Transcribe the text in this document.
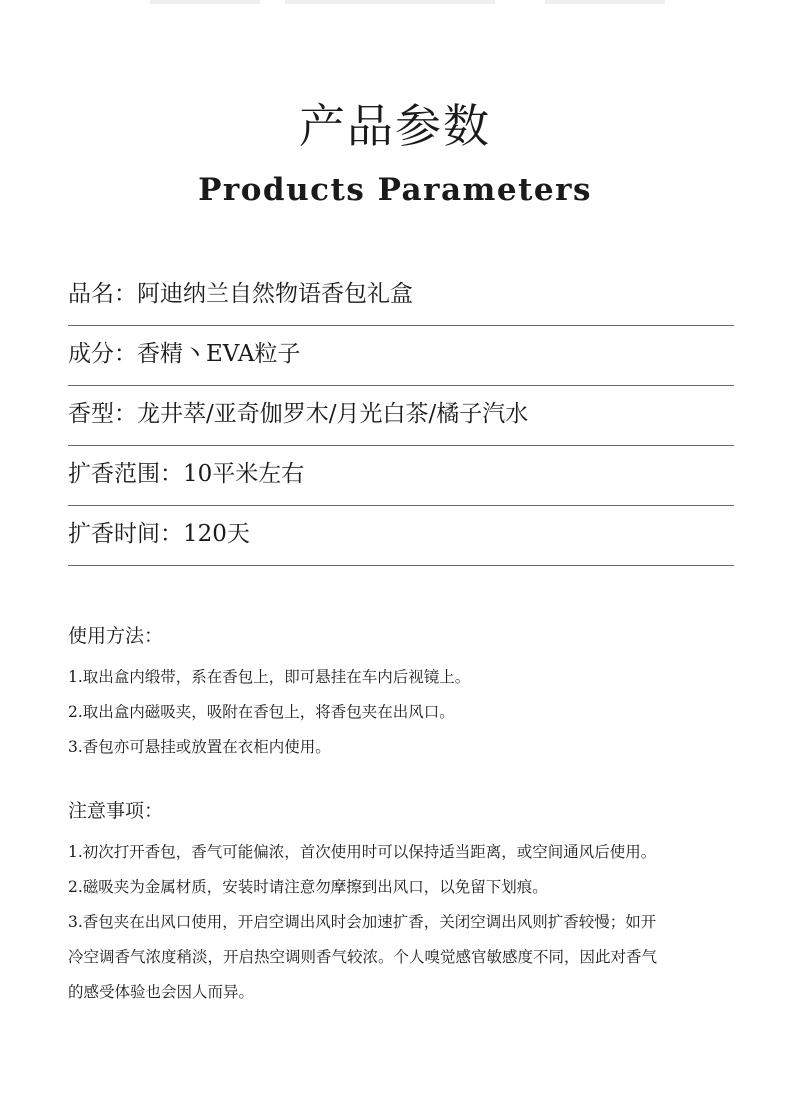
产品参数
Products Parameters
品名：阿迪纳兰自然物语香包礼盒
成分：香精丶EVA粒子
香型：龙井萃/亚奇伽罗木/月光白茶/橘子汽水
扩香范围：10平米左右
扩香时间：120天
使用方法：

1.取出盒内缎带，系在香包上，即可悬挂在车内后视镜上。

2.取出盒内磁吸夹，吸附在香包上，将香包夹在出风口。

3.香包亦可悬挂或放置在衣柜内使用。

注意事项：

1.初次打开香包，香气可能偏浓，首次使用时可以保持适当距离，或空间通风后使用。

2.磁吸夹为金属材质，安装时请注意勿摩擦到出风口，以免留下划痕。

3.香包夹在出风口使用，开启空调出风时会加速扩香，关闭空调出风则扩香较慢；如开

冷空调香气浓度稍淡，开启热空调则香气较浓。个人嗅觉感官敏感度不同，因此对香气

的感受体验也会因人而异。
